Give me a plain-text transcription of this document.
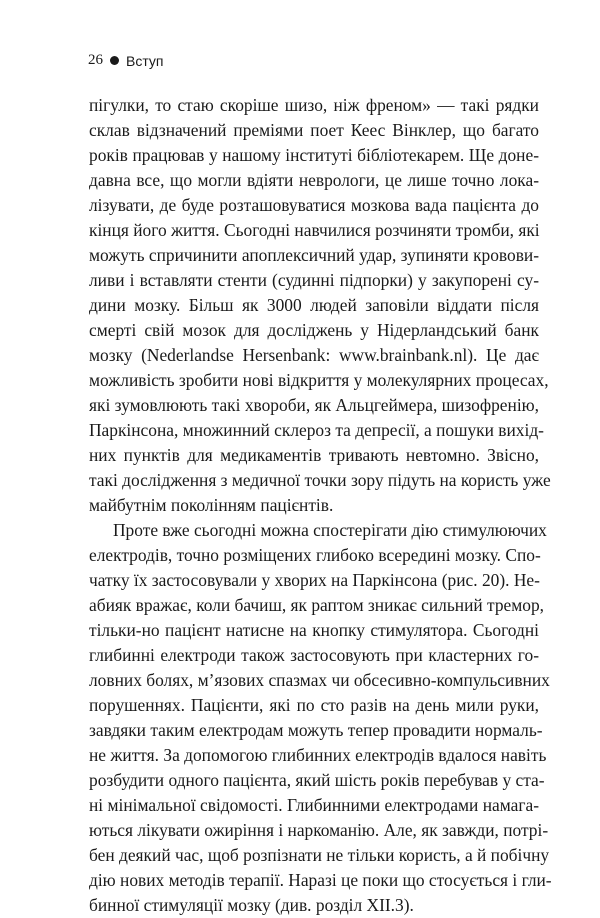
26 Вступ
пігулки, то стаю скоріше шизо, ніж френом» — такі рядки
склав відзначений преміями поет Кеес Вінклер, що багато
років працював у нашому інституті бібліотекарем. Ще донe-
давна все, що могли вдіяти неврологи, це лише точно лока-
лізувати, де буде розташовуватися мозкова вада пацієнта до
кінця його життя. Сьогодні навчилися розчиняти тромби, які
можуть спричинити апоплексичний удар, зупиняти кровови-
ливи і вставляти стенти (судинні підпорки) у закупорені су-
дини мозку. Більш як 3000 людей заповіли віддати після
смерті свій мозок для досліджень у Нідерландський банк
мозку (Nederlandse Hersenbank: www.brainbank.nl). Це дає
можливість зробити нові відкриття у молекулярних процесах,
які зумовлюють такі хвороби, як Альцгеймера, шизофренію,
Паркінсона, множинний склероз та депресії, а пошуки вихід-
них пунктів для медикаментів тривають невтомно. Звісно,
такі дослідження з медичної точки зору підуть на користь уже
майбутнім поколінням пацієнтів.
Проте вже сьогодні можна спостерігати дію стимулюючих
електродів, точно розміщених глибоко всередині мозку. Спо-
чатку їх застосовували у хворих на Паркінсона (рис. 20). Не-
абияк вражає, коли бачиш, як раптом зникає сильний тремор,
тільки-но пацієнт натисне на кнопку стимулятора. Сьогодні
глибинні електроди також застосовують при кластерних го-
ловних болях, м’язових спазмах чи обсесивно-компульсивних
порушеннях. Пацієнти, які по сто разів на день мили руки,
завдяки таким електродам можуть тепер провадити нормаль-
не життя. За допомогою глибинних електродів вдалося навіть
розбудити одного пацієнта, який шість років перебував у ста-
ні мінімальної свідомості. Глибинними електродами намага-
ються лікувати ожиріння і наркоманію. Але, як завжди, потрі-
бен деякий час, щоб розпізнати не тільки користь, а й побічну
дію нових методів терапії. Наразі це поки що стосується і гли-
бинної стимуляції мозку (див. розділ XII.3).
